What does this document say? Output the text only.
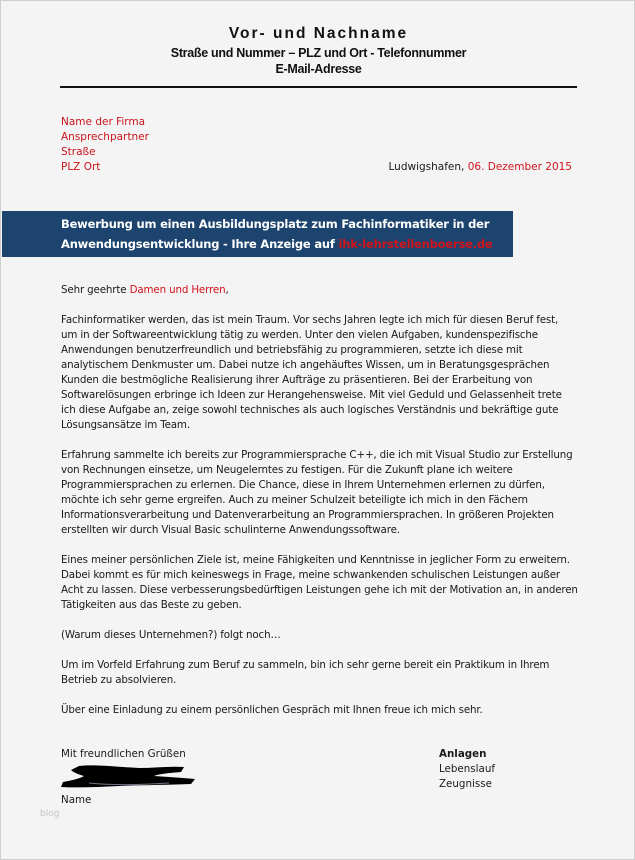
Vor- und Nachname
Straße und Nummer – PLZ und Ort - Telefonnummer
E-Mail-Adresse
Name der Firma
Ansprechpartner
Straße
PLZ Ort	Ludwigshafen, 06. Dezember 2015
Bewerbung um einen Ausbildungsplatz zum Fachinformatiker in der
Anwendungsentwicklung - Ihre Anzeige auf ihk-lehrstellenboerse.de

Sehr geehrte Damen und Herren,

Fachinformatiker werden, das ist mein Traum. Vor sechs Jahren legte ich mich für diesen Beruf fest,
um in der Softwareentwicklung tätig zu werden. Unter den vielen Aufgaben, kundenspezifische
Anwendungen benutzerfreundlich und betriebsfähig zu programmieren, setzte ich diese mit
analytischem Denkmuster um. Dabei nutze ich angehäuftes Wissen, um in Beratungsgesprächen
Kunden die bestmögliche Realisierung ihrer Aufträge zu präsentieren. Bei der Erarbeitung von
Softwarelösungen erbringe ich Ideen zur Herangehensweise. Mit viel Geduld und Gelassenheit trete
ich diese Aufgabe an, zeige sowohl technisches als auch logisches Verständnis und bekräftige gute
Lösungsansätze im Team.

Erfahrung sammelte ich bereits zur Programmiersprache C++, die ich mit Visual Studio zur Erstellung
von Rechnungen einsetze, um Neugelerntes zu festigen. Für die Zukunft plane ich weitere
Programmiersprachen zu erlernen. Die Chance, diese in Ihrem Unternehmen erlernen zu dürfen,
möchte ich sehr gerne ergreifen. Auch zu meiner Schulzeit beteiligte ich mich in den Fächern
Informationsverarbeitung und Datenverarbeitung an Programmiersprachen. In größeren Projekten
erstellten wir durch Visual Basic schulinterne Anwendungssoftware.

Eines meiner persönlichen Ziele ist, meine Fähigkeiten und Kenntnisse in jeglicher Form zu erweitern.
Dabei kommt es für mich keineswegs in Frage, meine schwankenden schulischen Leistungen außer
Acht zu lassen. Diese verbesserungsbedürftigen Leistungen gehe ich mit der Motivation an, in anderen
Tätigkeiten aus das Beste zu geben.

(Warum dieses Unternehmen?) folgt noch…

Um im Vorfeld Erfahrung zum Beruf zu sammeln, bin ich sehr gerne bereit ein Praktikum in Ihrem
Betrieb zu absolvieren.

Über eine Einladung zu einem persönlichen Gespräch mit Ihnen freue ich mich sehr.

Mit freundlichen Grüßen
Name
Anlagen
Lebenslauf
Zeugnisse
blog
